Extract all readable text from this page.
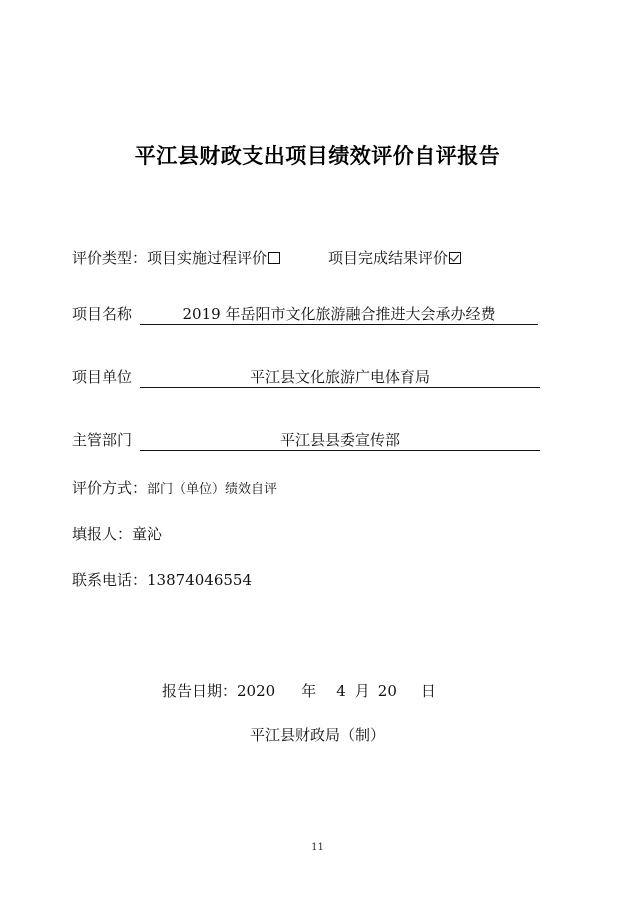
平江县财政支出项目绩效评价自评报告
评价类型：项目实施过程评价	项目完成结果评价
项目名称	2019 年岳阳市文化旅游融合推进大会承办经费
项目单位	平江县文化旅游广电体育局
主管部门	平江县县委宣传部
评价方式：部门（单位）绩效自评
填报人：童沁
联系电话：13874046554
报告日期：2020 年 4 月 20 日
平江县财政局（制）
11
